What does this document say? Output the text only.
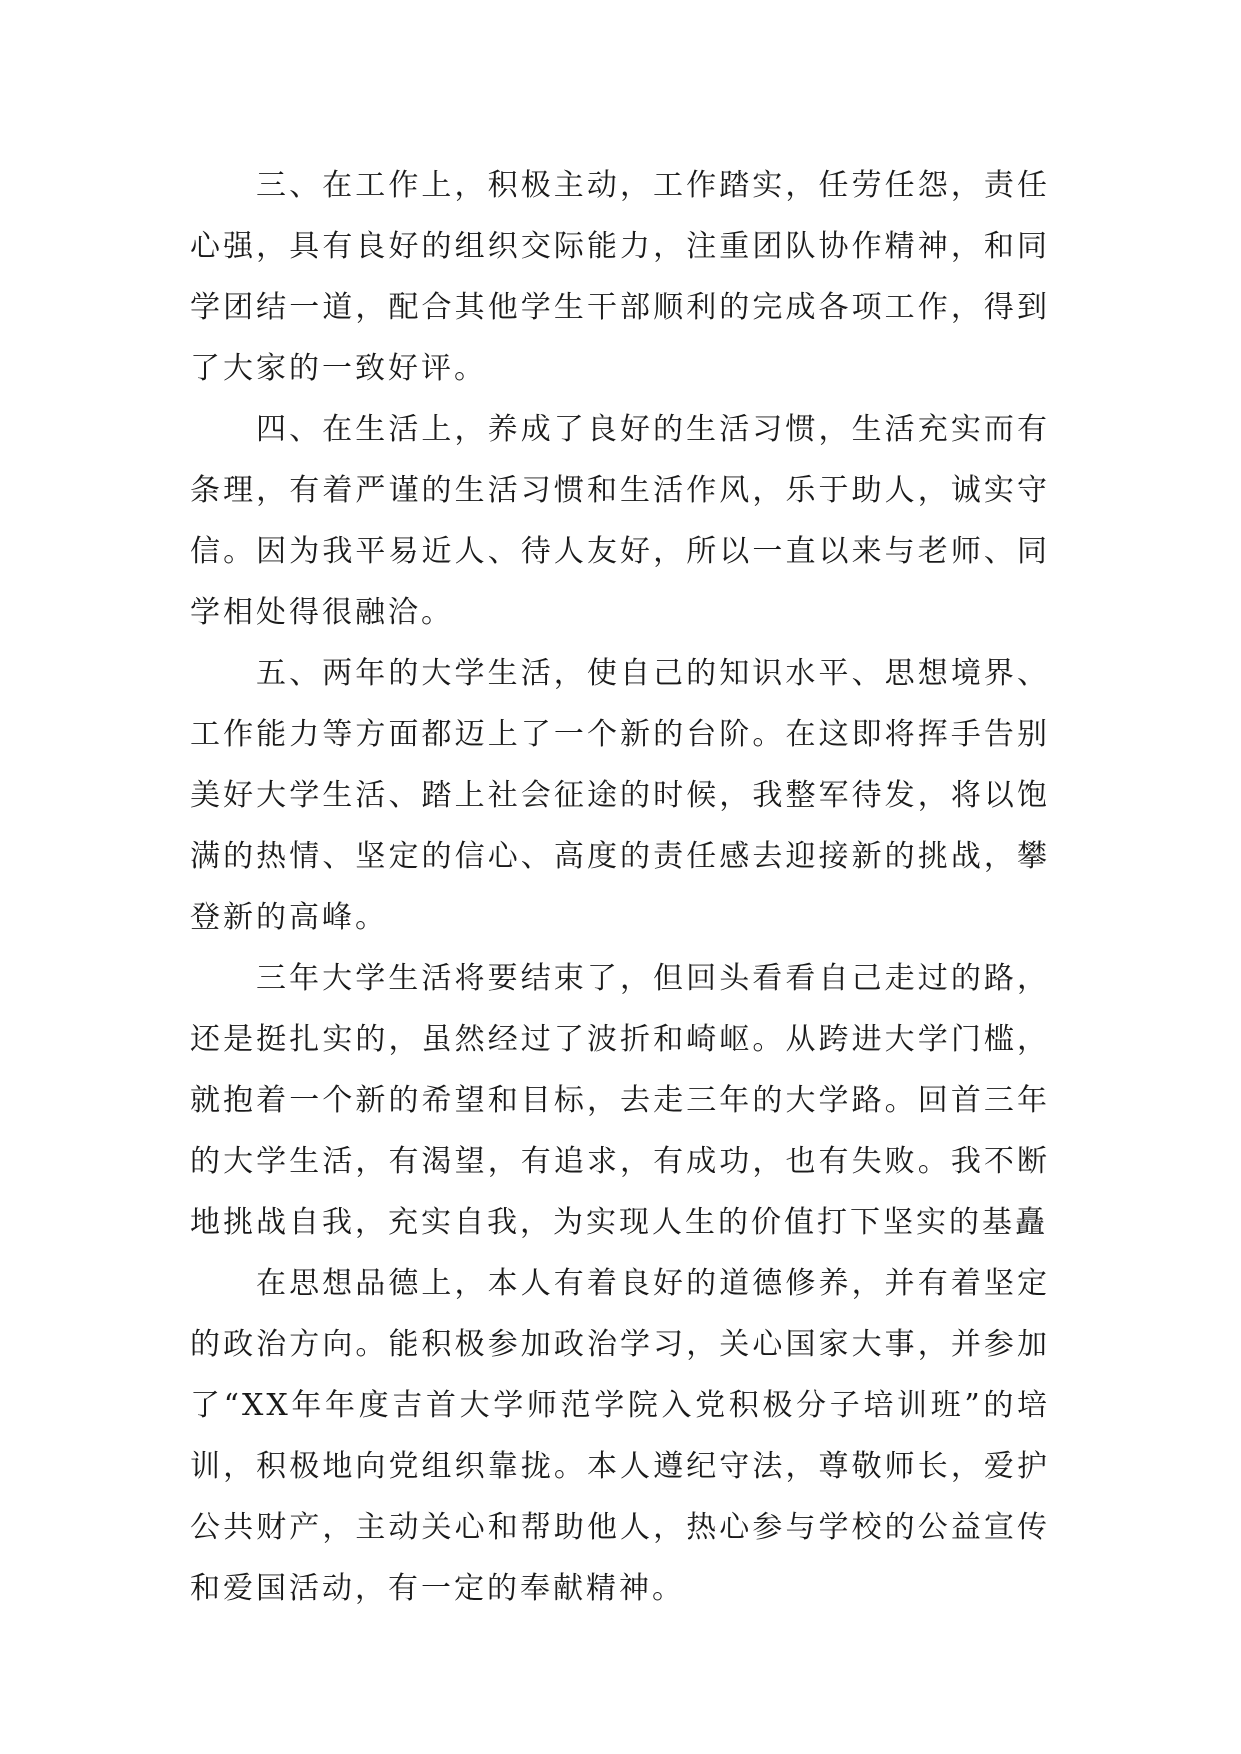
三、在工作上，积极主动，工作踏实，任劳任怨，责任心强，具有良好的组织交际能力，注重团队协作精神，和同学团结一道，配合其他学生干部顺利的完成各项工作，得到了大家的一致好评。

四、在生活上，养成了良好的生活习惯，生活充实而有条理，有着严谨的生活习惯和生活作风，乐于助人，诚实守信。因为我平易近人、待人友好，所以一直以来与老师、同学相处得很融洽。

五、两年的大学生活，使自己的知识水平、思想境界、工作能力等方面都迈上了一个新的台阶。在这即将挥手告别美好大学生活、踏上社会征途的时候，我整军待发，将以饱满的热情、坚定的信心、高度的责任感去迎接新的挑战，攀登新的高峰。

三年大学生活将要结束了，但回头看看自己走过的路，还是挺扎实的，虽然经过了波折和崎岖。从跨进大学门槛，就抱着一个新的希望和目标，去走三年的大学路。回首三年的大学生活，有渴望，有追求，有成功，也有失败。我不断地挑战自我，充实自我，为实现人生的价值打下坚实的基矗

在思想品德上，本人有着良好的道德修养，并有着坚定的政治方向。能积极参加政治学习，关心国家大事，并参加了“XX年年度吉首大学师范学院入党积极分子培训班”的培训，积极地向党组织靠拢。本人遵纪守法，尊敬师长，爱护公共财产，主动关心和帮助他人，热心参与学校的公益宣传和爱国活动，有一定的奉献精神。
